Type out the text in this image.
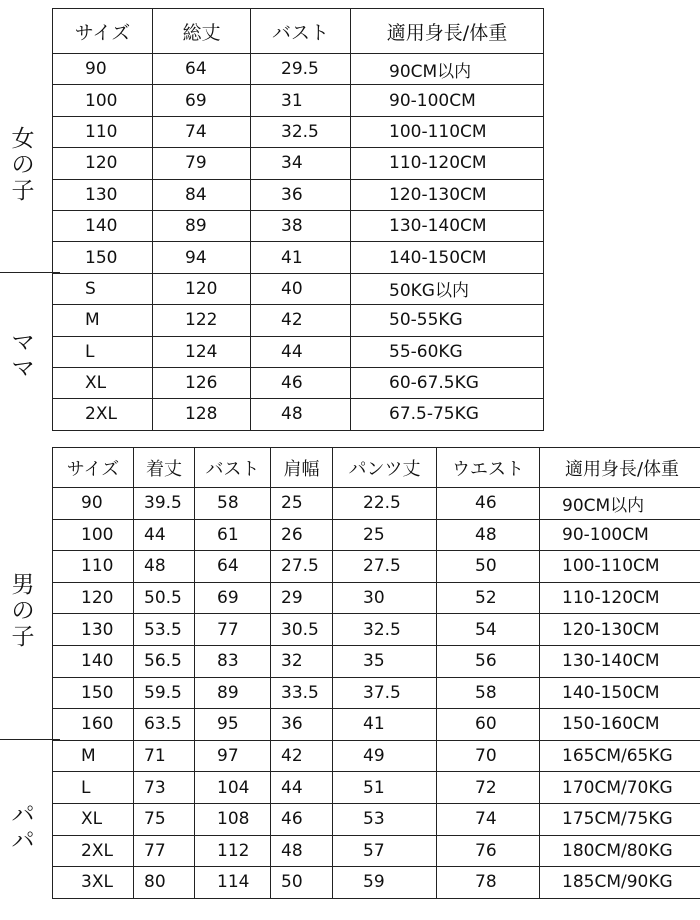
女
の
子
マ
マ
男
の
子
パ
パ
サイズ	総丈	バスト	適用身長/体重
90	64	29.5	90CM以内
100	69	31	90-100CM
110	74	32.5	100-110CM
120	79	34	110-120CM
130	84	36	120-130CM
140	89	38	130-140CM
150	94	41	140-150CM
S	120	40	50KG以内
M	122	42	50-55KG
L	124	44	55-60KG
XL	126	46	60-67.5KG
2XL	128	48	67.5-75KG
サイズ	着丈	バスト	肩幅	パンツ丈	ウエスト	適用身長/体重
90	39.5	58	25	22.5	46	90CM以内
100	44	61	26	25	48	90-100CM
110	48	64	27.5	27.5	50	100-110CM
120	50.5	69	29	30	52	110-120CM
130	53.5	77	30.5	32.5	54	120-130CM
140	56.5	83	32	35	56	130-140CM
150	59.5	89	33.5	37.5	58	140-150CM
160	63.5	95	36	41	60	150-160CM
M	71	97	42	49	70	165CM/65KG
L	73	104	44	51	72	170CM/70KG
XL	75	108	46	53	74	175CM/75KG
2XL	77	112	48	57	76	180CM/80KG
3XL	80	114	50	59	78	185CM/90KG
